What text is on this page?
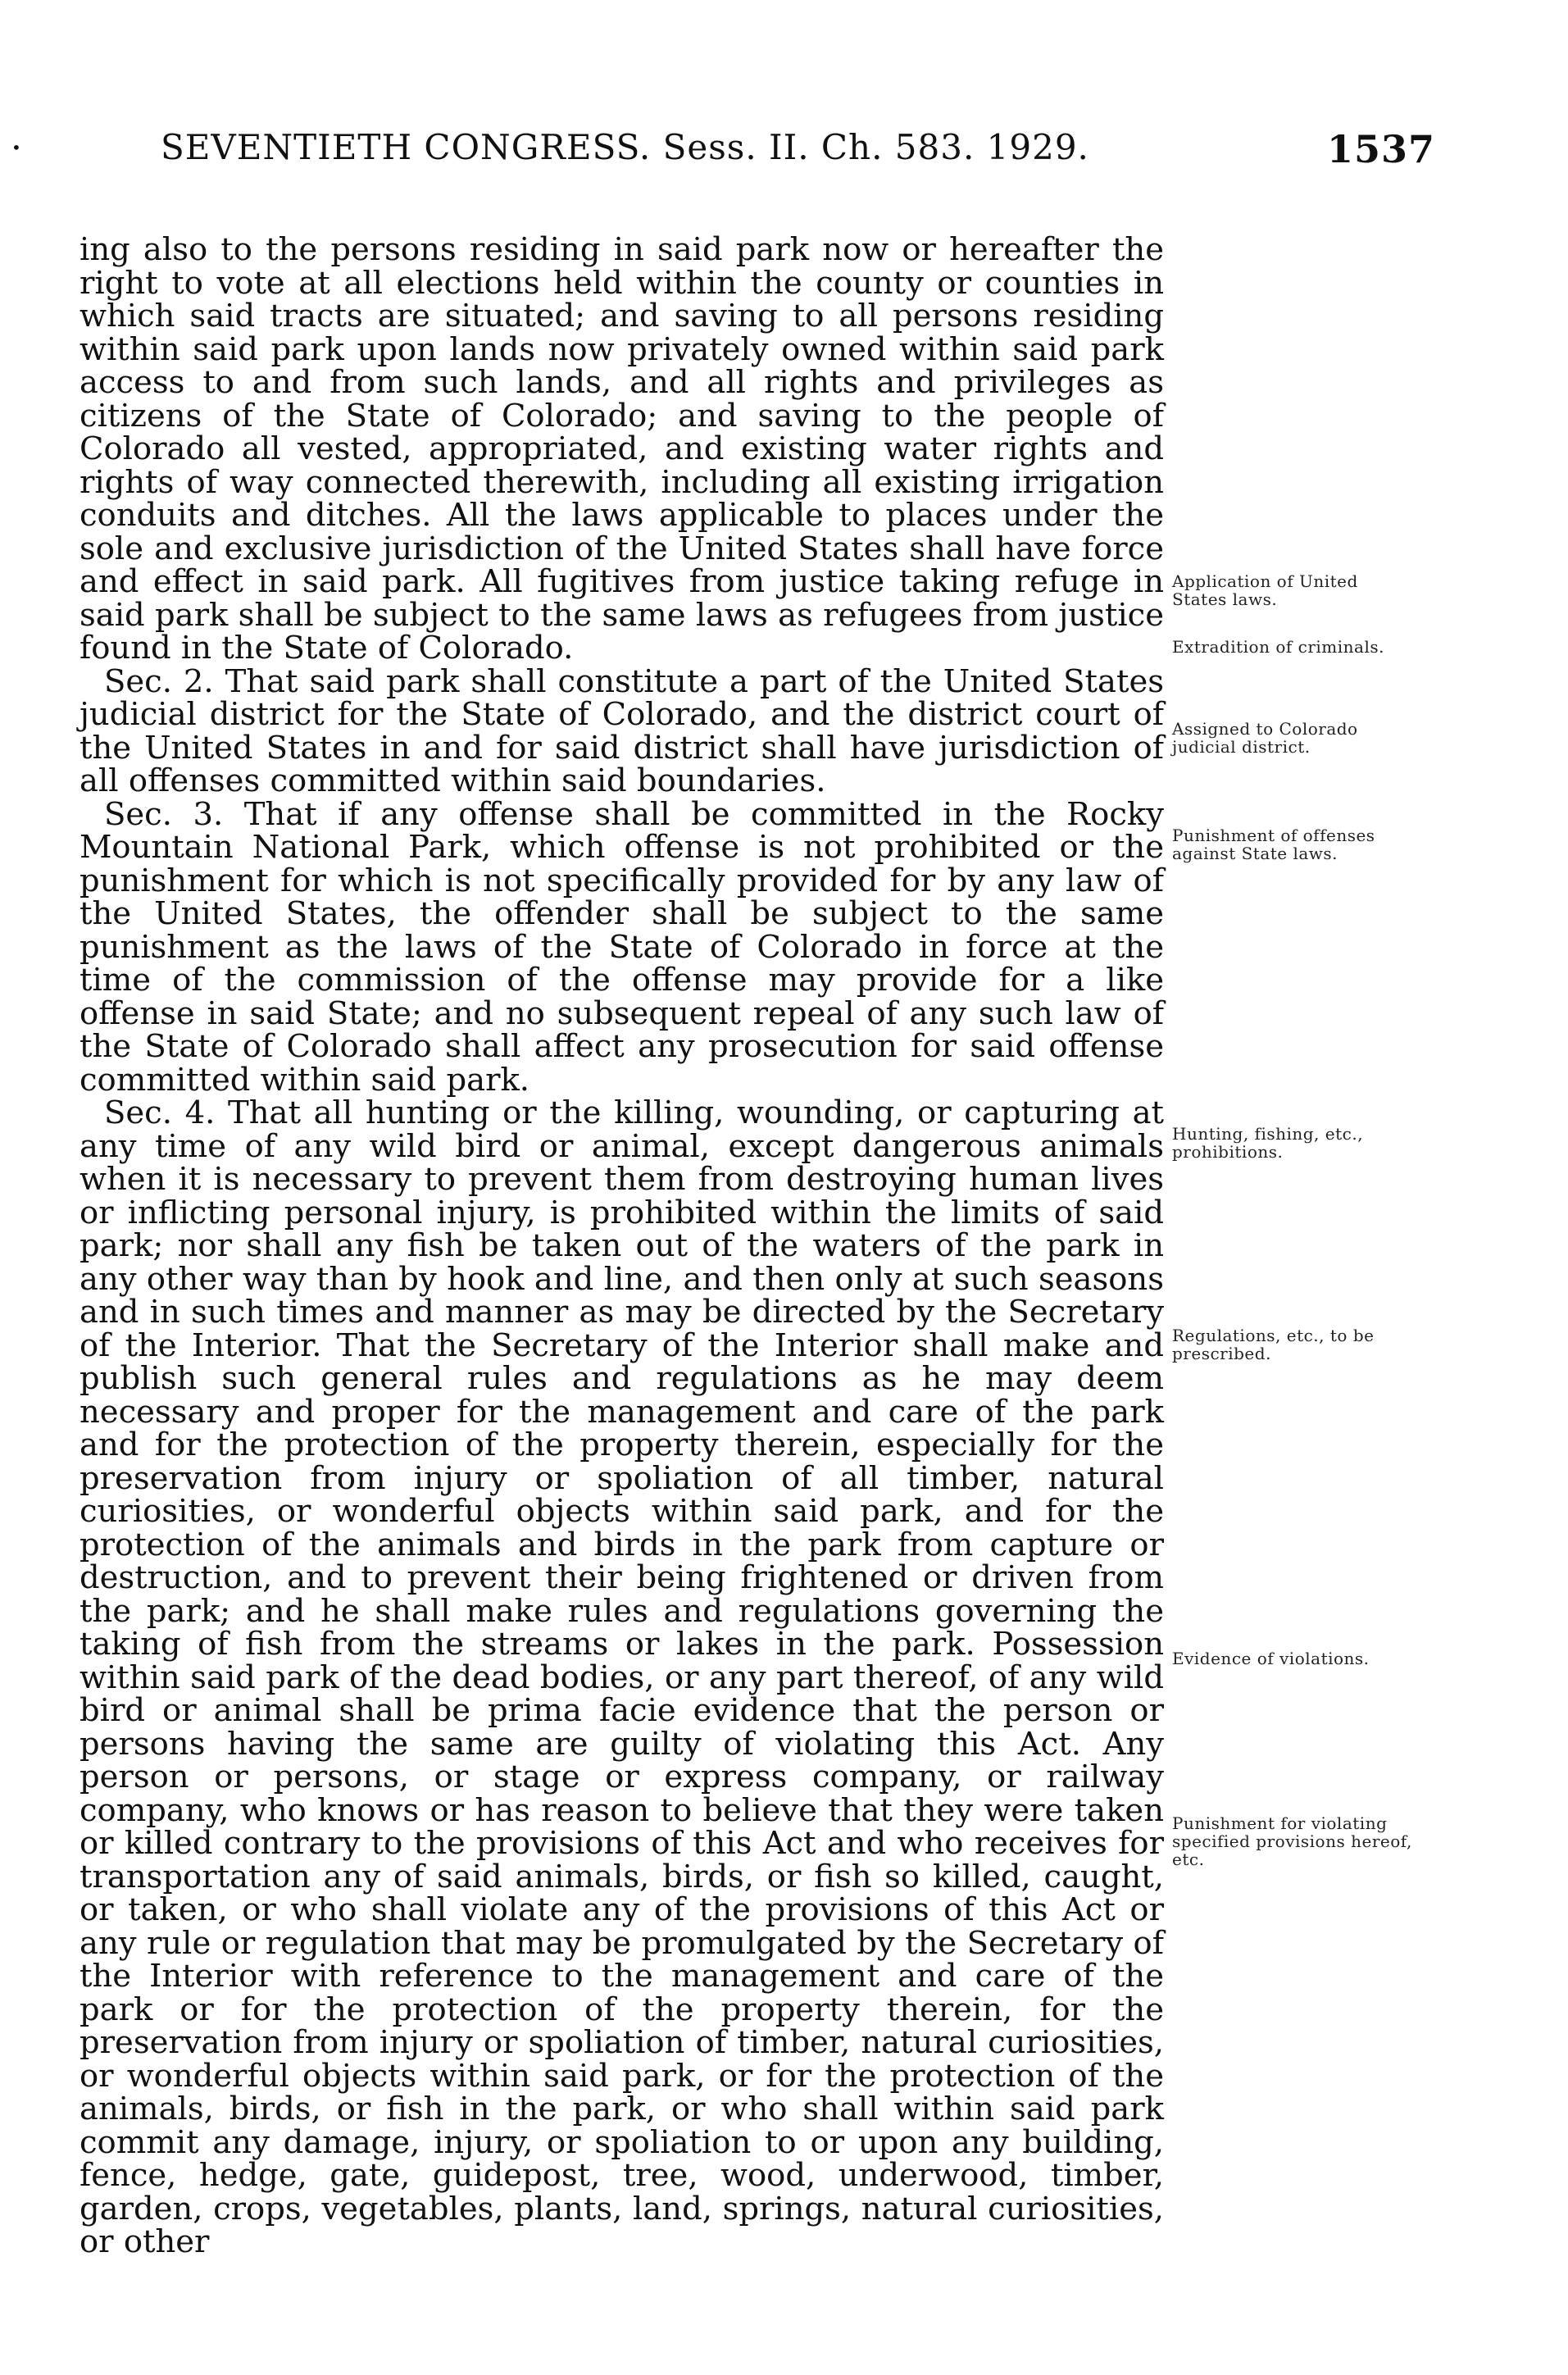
•	SEVENTIETH CONGRESS. Sess. II. Ch. 583. 1929.	1537

ing also to the persons residing in said park now or hereafter the right to vote at all elections held within the county or counties in which said tracts are situated; and saving to all persons residing within said park upon lands now privately owned within said park access to and from such lands, and all rights and privileges as citizens of the State of Colorado; and saving to the people of Colorado all vested, appropriated, and existing water rights and rights of way connected therewith, including all existing irrigation conduits and ditches. All the laws applicable to places under the sole and exclusive jurisdiction of the United States shall have force and effect in said park. All fugitives from justice taking refuge in said park shall be subject to the same laws as refugees from justice found in the State of Colorado.

Sec. 2. That said park shall constitute a part of the United States judicial district for the State of Colorado, and the district court of the United States in and for said district shall have jurisdiction of all offenses committed within said boundaries.

Sec. 3. That if any offense shall be committed in the Rocky Mountain National Park, which offense is not prohibited or the punishment for which is not specifically provided for by any law of the United States, the offender shall be subject to the same punishment as the laws of the State of Colorado in force at the time of the commission of the offense may provide for a like offense in said State; and no subsequent repeal of any such law of the State of Colorado shall affect any prosecution for said offense committed within said park.

Sec. 4. That all hunting or the killing, wounding, or capturing at any time of any wild bird or animal, except dangerous animals when it is necessary to prevent them from destroying human lives or inflicting personal injury, is prohibited within the limits of said park; nor shall any fish be taken out of the waters of the park in any other way than by hook and line, and then only at such seasons and in such times and manner as may be directed by the Secretary of the Interior. That the Secretary of the Interior shall make and publish such general rules and regulations as he may deem necessary and proper for the management and care of the park and for the protection of the property therein, especially for the preservation from injury or spoliation of all timber, natural curiosities, or wonderful objects within said park, and for the protection of the animals and birds in the park from capture or destruction, and to prevent their being frightened or driven from the park; and he shall make rules and regulations governing the taking of fish from the streams or lakes in the park. Possession within said park of the dead bodies, or any part thereof, of any wild bird or animal shall be prima facie evidence that the person or persons having the same are guilty of violating this Act. Any person or persons, or stage or express company, or railway company, who knows or has reason to believe that they were taken or killed contrary to the provisions of this Act and who receives for transportation any of said animals, birds, or fish so killed, caught, or taken, or who shall violate any of the provisions of this Act or any rule or regulation that may be promulgated by the Secretary of the Interior with reference to the management and care of the park or for the protection of the property therein, for the preservation from injury or spoliation of timber, natural curiosities, or wonderful objects within said park, or for the protection of the animals, birds, or fish in the park, or who shall within said park commit any damage, injury, or spoliation to or upon any building, fence, hedge, gate, guidepost, tree, wood, underwood, timber, garden, crops, vegetables, plants, land, springs, natural curiosities, or other

Application of United States laws.
Extradition of criminals.
Assigned to Colorado judicial district.
Punishment of offenses against State laws.
Hunting, fishing, etc., prohibitions.
Regulations, etc., to be prescribed.
Evidence of violations.
Punishment for violating specified provisions hereof, etc.
